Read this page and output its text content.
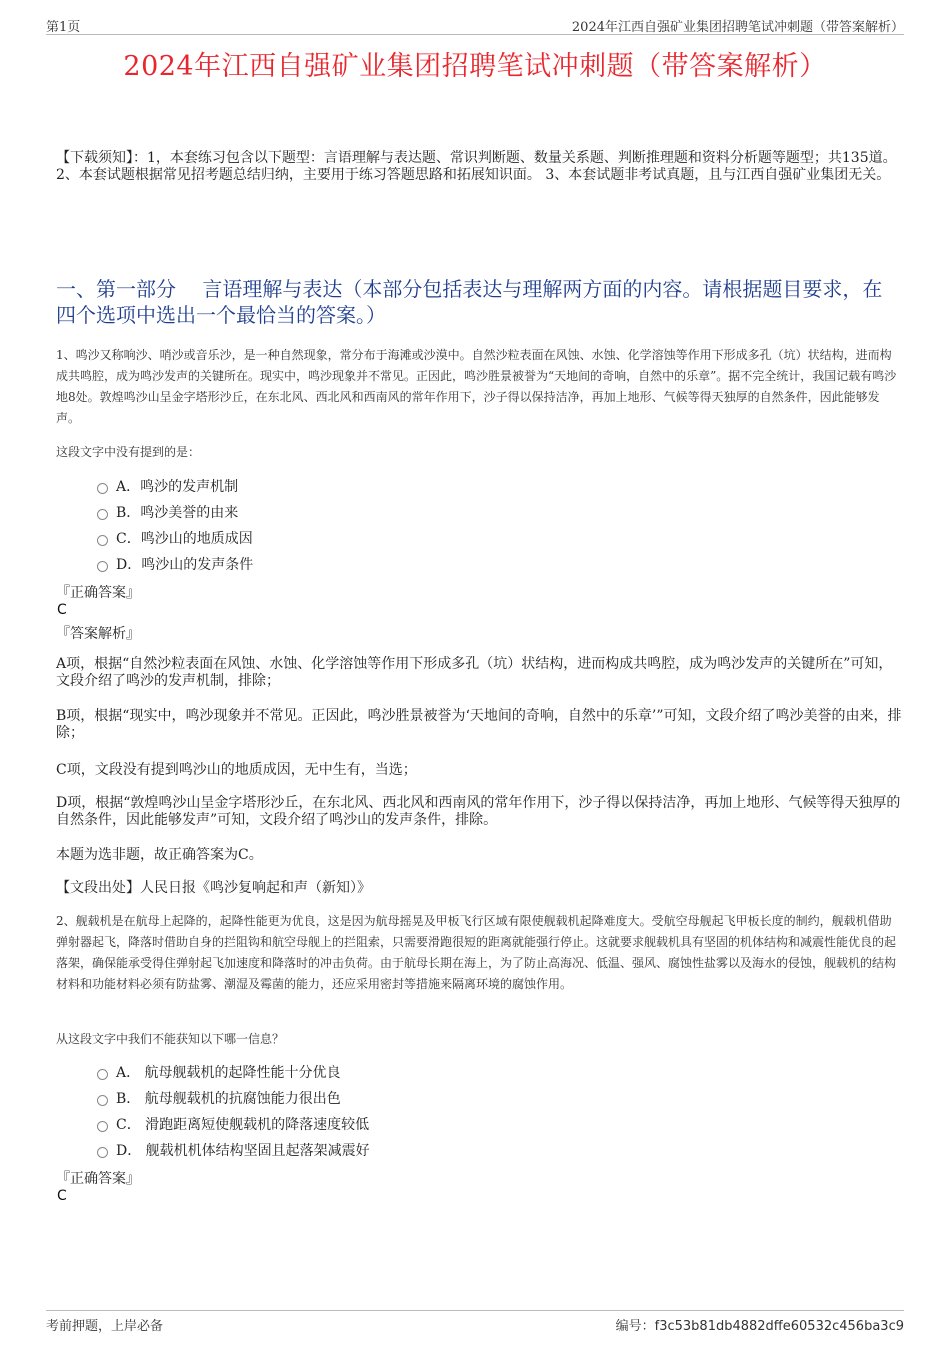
第1页	2024年江西自强矿业集团招聘笔试冲刺题（带答案解析）
2024年江西自强矿业集团招聘笔试冲刺题（带答案解析）
【下载须知】：1，本套练习包含以下题型：言语理解与表达题、常识判断题、数量关系题、判断推理题和资料分析题等题型；共135道。 2、本套试题根据常见招考题总结归纳，主要用于练习答题思路和拓展知识面。 3、本套试题非考试真题，且与江西自强矿业集团无关。
一、第一部分　 言语理解与表达（本部分包括表达与理解两方面的内容。请根据题目要求，在四个选项中选出一个最恰当的答案。）
1、鸣沙又称响沙、哨沙或音乐沙，是一种自然现象，常分布于海滩或沙漠中。自然沙粒表面在风蚀、水蚀、化学溶蚀等作用下形成多孔（坑）状结构，进而构成共鸣腔，成为鸣沙发声的关键所在。现实中，鸣沙现象并不常见。正因此，鸣沙胜景被誉为“天地间的奇响，自然中的乐章”。据不完全统计，我国记载有鸣沙地8处。敦煌鸣沙山呈金字塔形沙丘，在东北风、西北风和西南风的常年作用下，沙子得以保持洁净，再加上地形、气候等得天独厚的自然条件，因此能够发声。
这段文字中没有提到的是：
A．鸣沙的发声机制
B．鸣沙美誉的由来
C．鸣沙山的地质成因
D．鸣沙山的发声条件
『正确答案』
C
『答案解析』
A项，根据“自然沙粒表面在风蚀、水蚀、化学溶蚀等作用下形成多孔（坑）状结构，进而构成共鸣腔，成为鸣沙发声的关键所在”可知，文段介绍了鸣沙的发声机制，排除；
B项，根据“现实中，鸣沙现象并不常见。正因此，鸣沙胜景被誉为‘天地间的奇响，自然中的乐章’”可知，文段介绍了鸣沙美誉的由来，排除；
C项，文段没有提到鸣沙山的地质成因，无中生有，当选；
D项，根据“敦煌鸣沙山呈金字塔形沙丘，在东北风、西北风和西南风的常年作用下，沙子得以保持洁净，再加上地形、气候等得天独厚的自然条件，因此能够发声”可知，文段介绍了鸣沙山的发声条件，排除。
本题为选非题，故正确答案为C。
【文段出处】人民日报《鸣沙复响起和声（新知）》
2、舰载机是在航母上起降的，起降性能更为优良，这是因为航母摇晃及甲板飞行区域有限使舰载机起降难度大。受航空母舰起飞甲板长度的制约，舰载机借助弹射器起飞，降落时借助自身的拦阻钩和航空母舰上的拦阻索，只需要滑跑很短的距离就能强行停止。这就要求舰载机具有坚固的机体结构和减震性能优良的起落架，确保能承受得住弹射起飞加速度和降落时的冲击负荷。由于航母长期在海上，为了防止高海况、低温、强风、腐蚀性盐雾以及海水的侵蚀，舰载机的结构材料和功能材料必须有防盐雾、潮湿及霉菌的能力，还应采用密封等措施来隔离环境的腐蚀作用。
从这段文字中我们不能获知以下哪一信息？
A． 航母舰载机的起降性能十分优良
B． 航母舰载机的抗腐蚀能力很出色
C． 滑跑距离短使舰载机的降落速度较低
D． 舰载机机体结构坚固且起落架减震好
『正确答案』
C
考前押题，上岸必备	编号：f3c53b81db4882dffe60532c456ba3c9
